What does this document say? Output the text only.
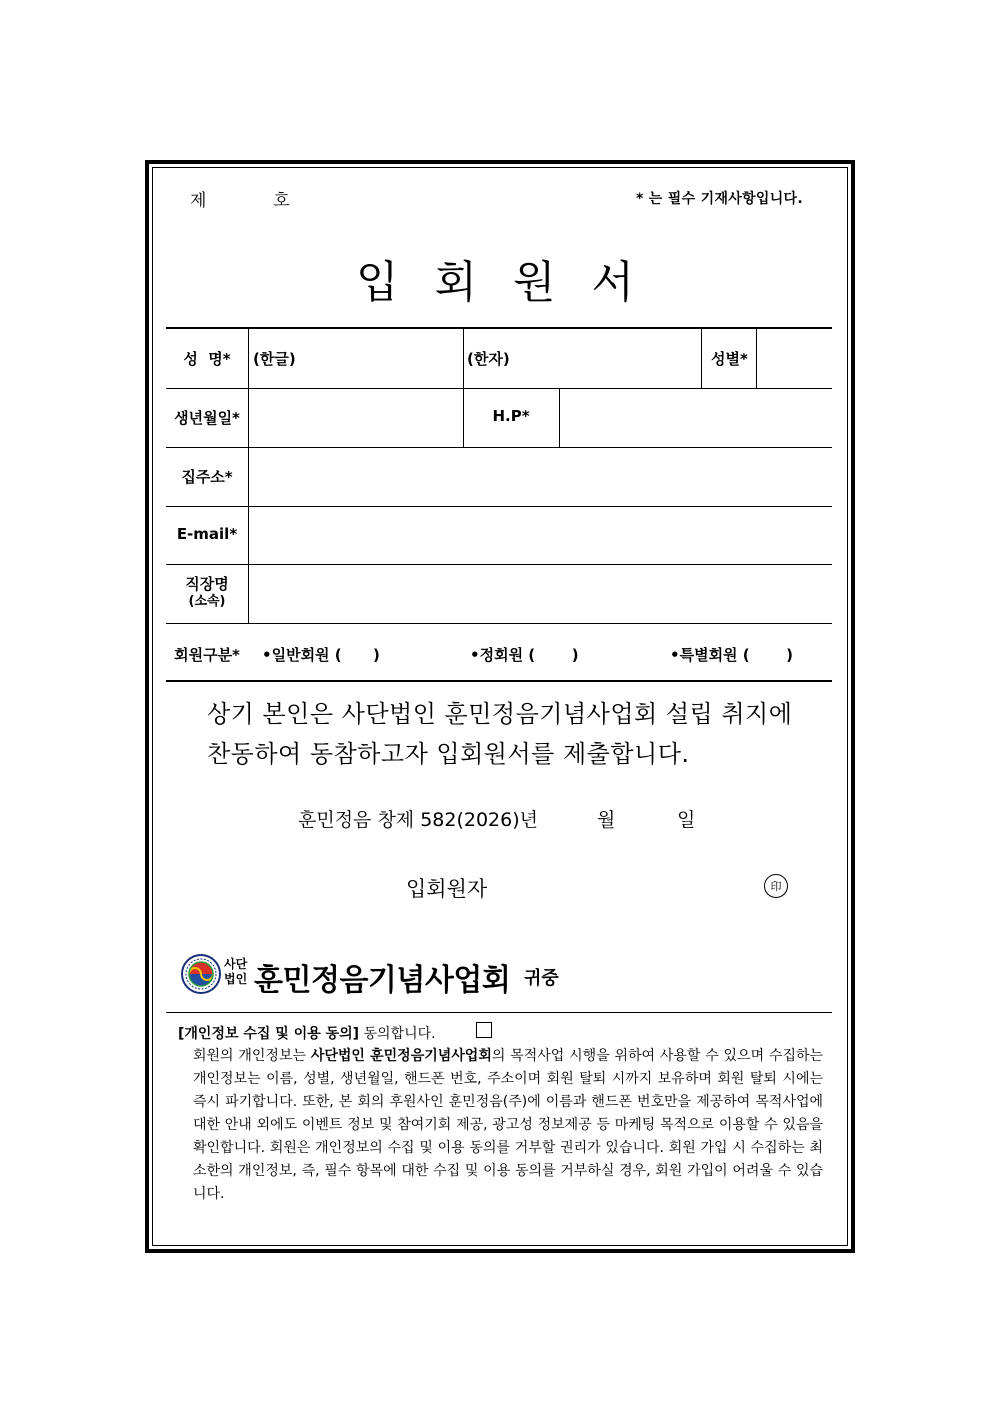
제	호	* 는 필수 기재사항입니다.
입 회 원 서
성  명*	(한글)	(한자)	성별*
생년월일*	H.P*
집주소*
E-mail*
직장명
(소속)
회원구분*	•일반회원 (      )	•정회원 (       )	•특별회원 (       )
상기 본인은 사단법인 훈민정음기념사업회 설립 취지에
찬동하여 동참하고자 입회원서를 제출합니다.
훈민정음 창제 582(2026)년	월	일
입회원자	印
사단
법인 훈민정음기념사업회 귀중
[개인정보 수집 및 이용 동의] 동의합니다.
회원의 개인정보는 사단법인 훈민정음기념사업회의 목적사업 시행을 위하여 사용할 수 있으며 수집하는 개인정보는 이름, 성별, 생년월일, 핸드폰 번호, 주소이며 회원 탈퇴 시까지 보유하며 회원 탈퇴 시에는 즉시 파기합니다. 또한, 본 회의 후원사인 훈민정음(주)에 이름과 핸드폰 번호만을 제공하여 목적사업에 대한 안내 외에도 이벤트 정보 및 참여기회 제공, 광고성 정보제공 등 마케팅 목적으로 이용할 수 있음을 확인합니다. 회원은 개인정보의 수집 및 이용 동의를 거부할 권리가 있습니다. 회원 가입 시 수집하는 최소한의 개인정보, 즉, 필수 항목에 대한 수집 및 이용 동의를 거부하실 경우, 회원 가입이 어려울 수 있습니다.
